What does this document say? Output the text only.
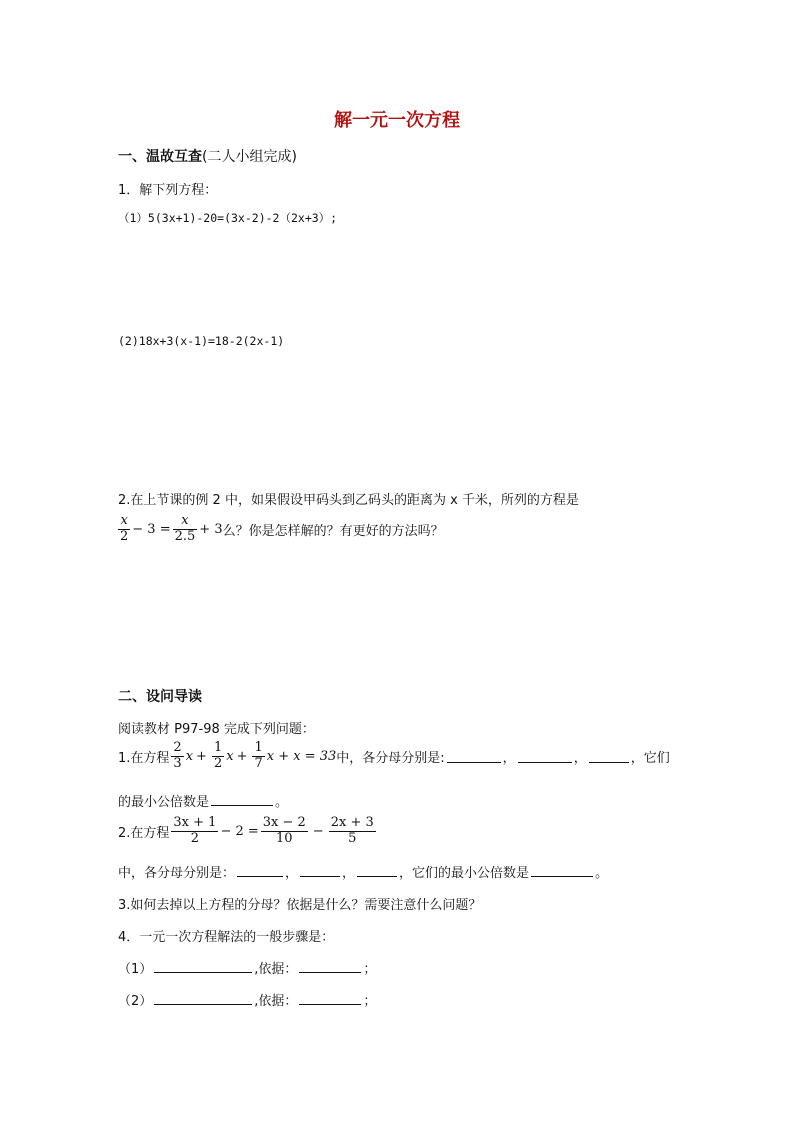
解一元一次方程
一、温故互查(二人小组完成)
1．解下列方程：
（1）5(3x+1)-20=(3x-2)-2（2x+3）;
(2)18x+3(x-1)=18-2(2x-1)
2.在上节课的例 2 中，如果假设甲码头到乙码头的距离为 x 千米，所列的方程是
$\frac{x}{2} - 3 = \frac{x}{2.5} + 3$ 么？你是怎样解的？有更好的方法吗？
二、设问导读
阅读教材 P97-98 完成下列问题：
1.在方程 $\frac{2}{3}$ $x + \frac{1}{2}$ $x + \frac{1}{7}$ x + x = 33 中，各分母分别是:	，	，	，它们
的最小公倍数是	。
2.在方程 $\frac{3x + 1}{2} - 2 = \frac{3x - 2}{10} - \frac{2x + 3}{5}$
中，各分母分别是：	，	，	，它们的最小公倍数是	。
3.如何去掉以上方程的分母？依据是什么？需要注意什么问题？
4．一元一次方程解法的一般步骤是：
（1）	,依据：	；
（2）	,依据：	；
